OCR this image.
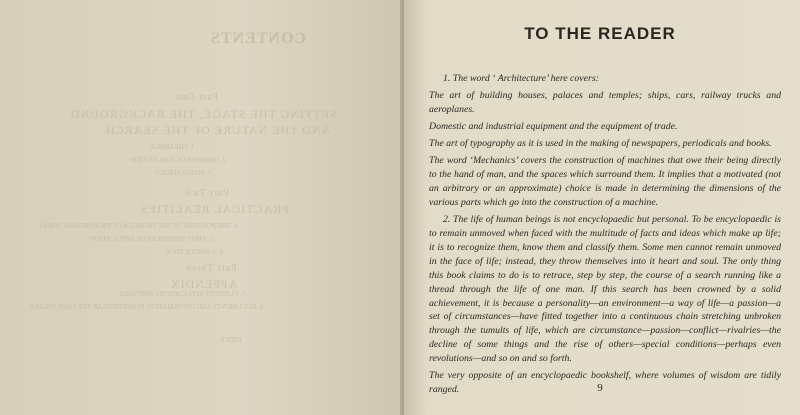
CONTENTS
Part One
SETTING THE STAGE, THE BACKGROUND
AND THE NATURE OF THE SEARCH
1. PREAMBLE
2. CHRONOLOGICAL REVIEW
3. MATHEMATICS
Part Two
PRACTICAL REALITIES
4. THE POSITION OF THE PROBLEM OF PROPORTIONS TODAY
5. FIRST INSTANCES OF APPLICATION
6. A SINGLE TOOL
Part Three
APPENDIX
7. CURRENT APPLICATIONS AND USES
8. DOCUMENTS AND INFORMATION IN PARTICULAR THE USER SPEAKS
INDEX
TO THE READER

1. The word ‘ Architecture’ here covers:

The art of building houses, palaces and temples; ships, cars, railway trucks and aeroplanes.

Domestic and industrial equipment and the equipment of trade.

The art of typography as it is used in the making of newspapers, periodicals and books.

The word ‘Mechanics’ covers the construction of machines that owe their being directly to the hand of man, and the spaces which surround them. It implies that a motivated (not an arbitrary or an approximate) choice is made in determining the dimensions of the various parts which go into the construction of a machine.

2. The life of human beings is not encyclopaedic but personal. To be encyclopaedic is to remain unmoved when faced with the multitude of facts and ideas which make up life; it is to recognize them, know them and classify them. Some men cannot remain unmoved in the face of life; instead, they throw themselves into it heart and soul. The only thing this book claims to do is to retrace, step by step, the course of a search running like a thread through the life of one man. If this search has been crowned by a solid achievement, it is because a personality—an environment—a way of life—a passion—a set of circumstances—have fitted together into a continuous chain stretching unbroken through the tumults of life, which are circumstance—passion—conflict—rivalries—the decline of some things and the rise of others—special conditions—perhaps even revolutions—and so on and so forth.

The very opposite of an encyclopaedic bookshelf, where volumes of wisdom are tidily ranged.	9
